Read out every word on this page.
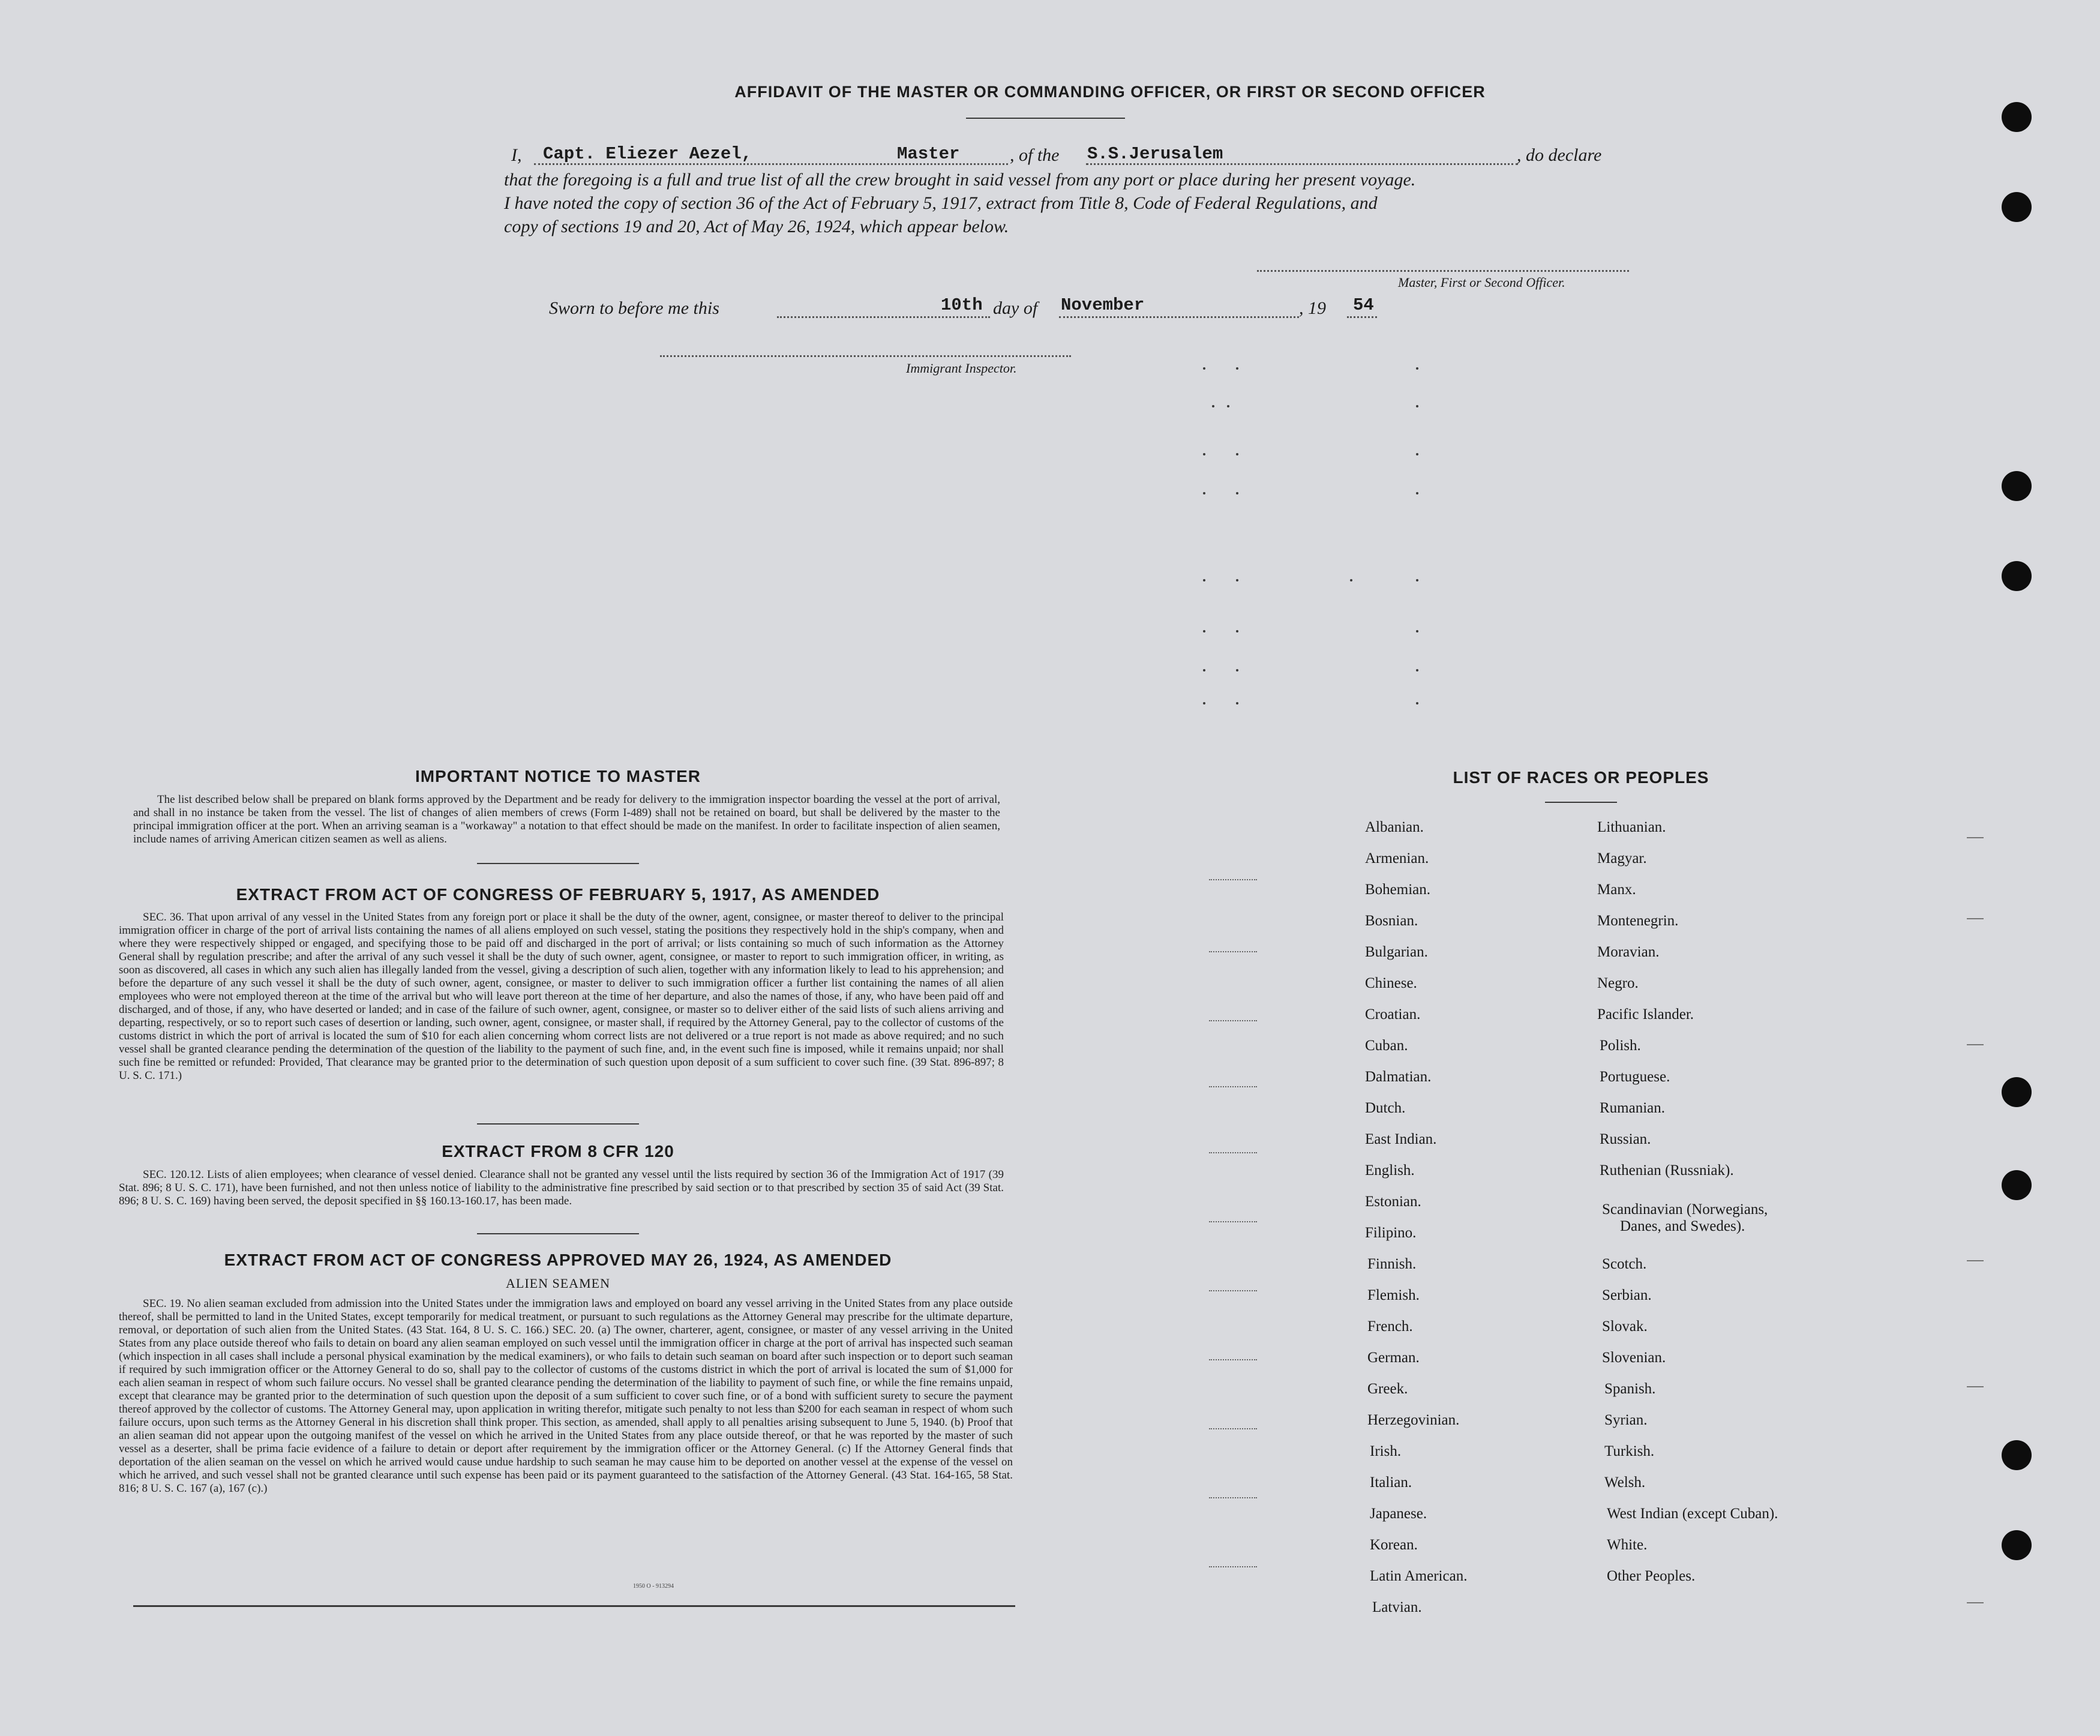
AFFIDAVIT OF THE MASTER OR COMMANDING OFFICER, OR FIRST OR SECOND OFFICER
I, Capt. Eliezer Aezel,	Master	, of the S.S.Jerusalem	, do declare
that the foregoing is a full and true list of all the crew brought in said vessel from any port or place during her present voyage.
I have noted the copy of section 36 of the Act of February 5, 1917, extract from Title 8, Code of Federal Regulations, and
copy of sections 19 and 20, Act of May 26, 1924, which appear below.
Master, First or Second Officer.
Sworn to before me this	10th day of November	, 19 54
Immigrant Inspector.
IMPORTANT NOTICE TO MASTER
The list described below shall be prepared on blank forms approved by the Department and be ready for delivery to the immigration inspector boarding the vessel at the port of arrival, and shall in no instance be taken from the vessel. The list of changes of alien members of crews (Form I-489) shall not be retained on board, but shall be delivered by the master to the principal immigration officer at the port. When an arriving seaman is a "workaway" a notation to that effect should be made on the manifest. In order to facilitate inspection of alien seamen, include names of arriving American citizen seamen as well as aliens.
EXTRACT FROM ACT OF CONGRESS OF FEBRUARY 5, 1917, AS AMENDED
SEC. 36. That upon arrival of any vessel in the United States from any foreign port or place it shall be the duty of the owner, agent, consignee, or master thereof to deliver to the principal immigration officer in charge of the port of arrival lists containing the names of all aliens employed on such vessel, stating the positions they respectively hold in the ship's company, when and where they were respectively shipped or engaged, and specifying those to be paid off and discharged in the port of arrival; or lists containing so much of such information as the Attorney General shall by regulation prescribe; and after the arrival of any such vessel it shall be the duty of such owner, agent, consignee, or master to report to such immigration officer, in writing, as soon as discovered, all cases in which any such alien has illegally landed from the vessel, giving a description of such alien, together with any information likely to lead to his apprehension; and before the departure of any such vessel it shall be the duty of such owner, agent, consignee, or master to deliver to such immigration officer a further list containing the names of all alien employees who were not employed thereon at the time of the arrival but who will leave port thereon at the time of her departure, and also the names of those, if any, who have been paid off and discharged, and of those, if any, who have deserted or landed; and in case of the failure of such owner, agent, consignee, or master so to deliver either of the said lists of such aliens arriving and departing, respectively, or so to report such cases of desertion or landing, such owner, agent, consignee, or master shall, if required by the Attorney General, pay to the collector of customs of the customs district in which the port of arrival is located the sum of $10 for each alien concerning whom correct lists are not delivered or a true report is not made as above required; and no such vessel shall be granted clearance pending the determination of the question of the liability to the payment of such fine, and, in the event such fine is imposed, while it remains unpaid; nor shall such fine be remitted or refunded: Provided, That clearance may be granted prior to the determination of such question upon deposit of a sum sufficient to cover such fine. (39 Stat. 896-897; 8 U. S. C. 171.)
EXTRACT FROM 8 CFR 120
SEC. 120.12. Lists of alien employees; when clearance of vessel denied. Clearance shall not be granted any vessel until the lists required by section 36 of the Immigration Act of 1917 (39 Stat. 896; 8 U. S. C. 171), have been furnished, and not then unless notice of liability to the administrative fine prescribed by said section or to that prescribed by section 35 of said Act (39 Stat. 896; 8 U. S. C. 169) having been served, the deposit specified in §§ 160.13-160.17, has been made.
EXTRACT FROM ACT OF CONGRESS APPROVED MAY 26, 1924, AS AMENDED
ALIEN SEAMEN
SEC. 19. No alien seaman excluded from admission into the United States under the immigration laws and employed on board any vessel arriving in the United States from any place outside thereof, shall be permitted to land in the United States, except temporarily for medical treatment, or pursuant to such regulations as the Attorney General may prescribe for the ultimate departure, removal, or deportation of such alien from the United States. (43 Stat. 164, 8 U. S. C. 166.) SEC. 20. (a) The owner, charterer, agent, consignee, or master of any vessel arriving in the United States from any place outside thereof who fails to detain on board any alien seaman employed on such vessel until the immigration officer in charge at the port of arrival has inspected such seaman (which inspection in all cases shall include a personal physical examination by the medical examiners), or who fails to detain such seaman on board after such inspection or to deport such seaman if required by such immigration officer or the Attorney General to do so, shall pay to the collector of customs of the customs district in which the port of arrival is located the sum of $1,000 for each alien seaman in respect of whom such failure occurs. No vessel shall be granted clearance pending the determination of the liability to payment of such fine, or while the fine remains unpaid, except that clearance may be granted prior to the determination of such question upon the deposit of a sum sufficient to cover such fine, or of a bond with sufficient surety to secure the payment thereof approved by the collector of customs. The Attorney General may, upon application in writing therefor, mitigate such penalty to not less than $200 for each seaman in respect of whom such failure occurs, upon such terms as the Attorney General in his discretion shall think proper. This section, as amended, shall apply to all penalties arising subsequent to June 5, 1940. (b) Proof that an alien seaman did not appear upon the outgoing manifest of the vessel on which he arrived in the United States from any place outside thereof, or that he was reported by the master of such vessel as a deserter, shall be prima facie evidence of a failure to detain or deport after requirement by the immigration officer or the Attorney General. (c) If the Attorney General finds that deportation of the alien seaman on the vessel on which he arrived would cause undue hardship to such seaman he may cause him to be deported on another vessel at the expense of the vessel on which he arrived, and such vessel shall not be granted clearance until such expense has been paid or its payment guaranteed to the satisfaction of the Attorney General. (43 Stat. 164-165, 58 Stat. 816; 8 U. S. C. 167 (a), 167 (c).)
1950 O - 913294
LIST OF RACES OR PEOPLES
Albanian.
Armenian.
Bohemian.
Bosnian.
Bulgarian.
Chinese.
Croatian.
Cuban.
Dalmatian.
Dutch.
East Indian.
English.
Estonian.
Filipino.
Finnish.
Flemish.
French.
German.
Greek.
Herzegovinian.
Irish.
Italian.
Japanese.
Korean.
Latin American.
Latvian.
Lithuanian.
Magyar.
Manx.
Montenegrin.
Moravian.
Negro.
Pacific Islander.
Polish.
Portuguese.
Rumanian.
Russian.
Ruthenian (Russniak).
Scandinavian (Norwegians,
Danes, and Swedes).
Scotch.
Serbian.
Slovak.
Slovenian.
Spanish.
Syrian.
Turkish.
Welsh.
West Indian (except Cuban).
White.
Other Peoples.
